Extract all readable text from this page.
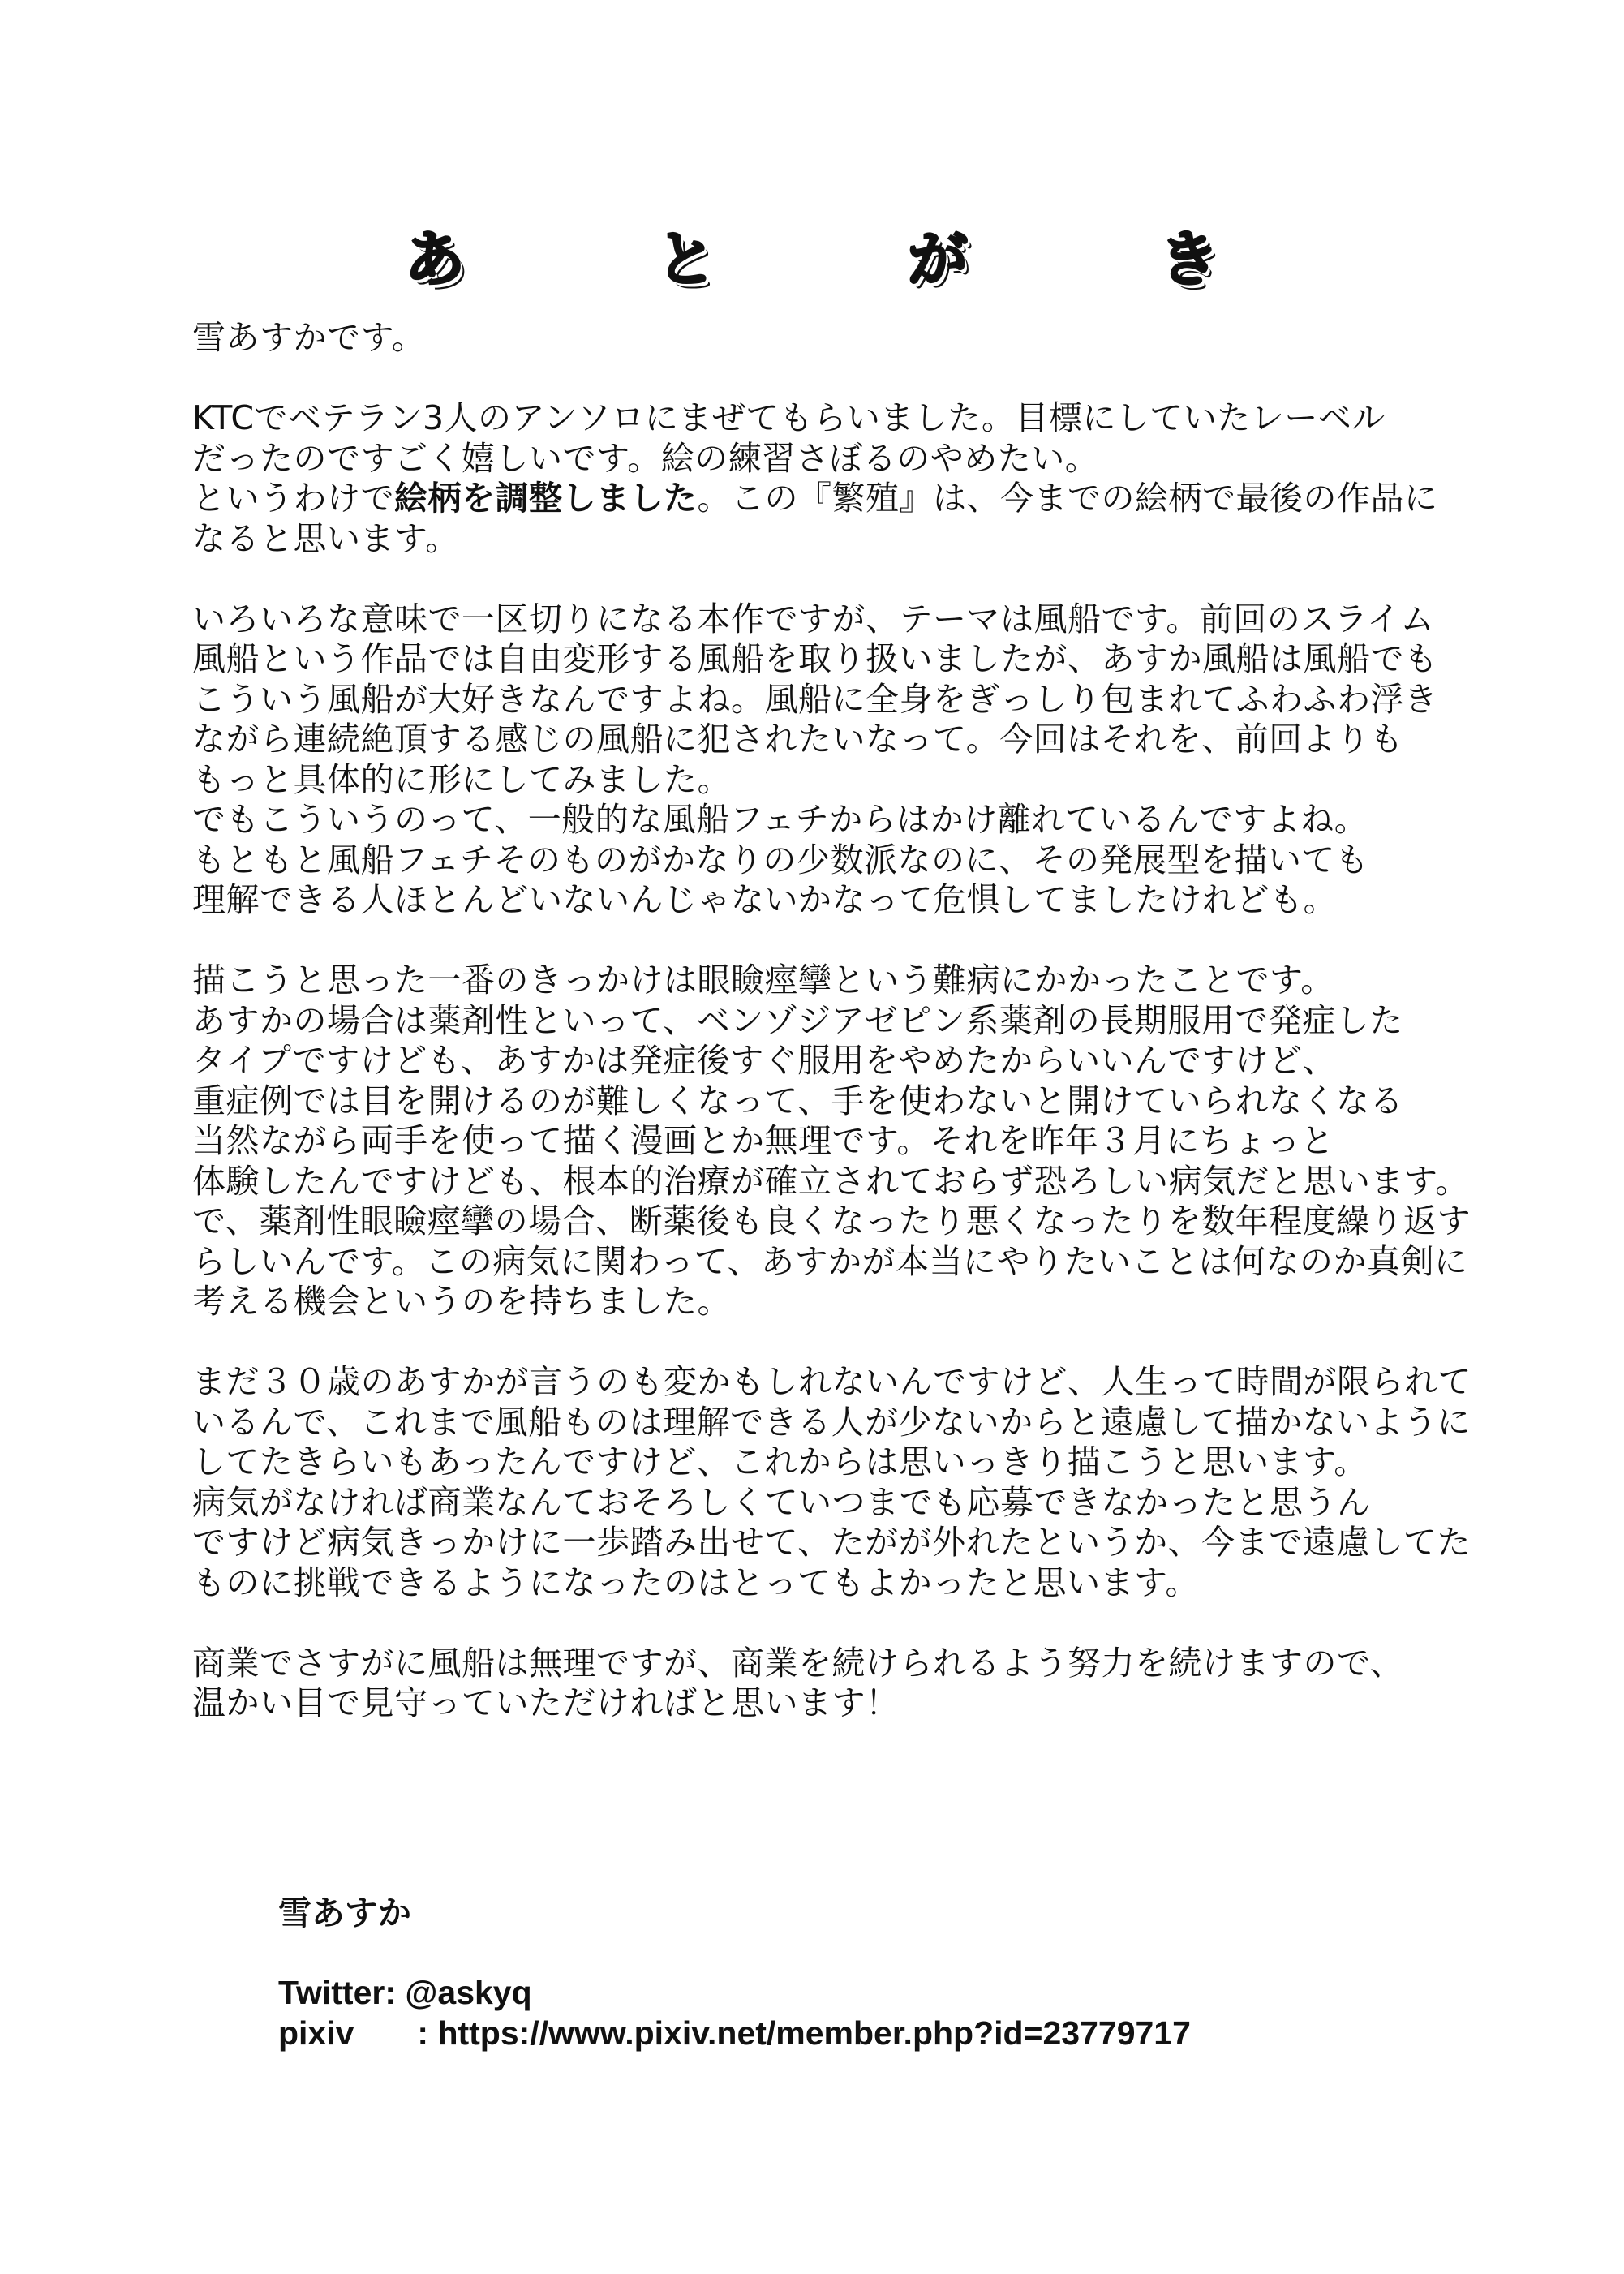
あ	と	が	き
雪あすかです。
KTCでベテラン3人のアンソロにまぜてもらいました。目標にしていたレーベル
だったのですごく嬉しいです。絵の練習さぼるのやめたい。
というわけで絵柄を調整しました。この『繁殖』は、今までの絵柄で最後の作品に
なると思います。
いろいろな意味で一区切りになる本作ですが、テーマは風船です。前回のスライム
風船という作品では自由変形する風船を取り扱いましたが、あすか風船は風船でも
こういう風船が大好きなんですよね。風船に全身をぎっしり包まれてふわふわ浮き
ながら連続絶頂する感じの風船に犯されたいなって。今回はそれを、前回よりも
もっと具体的に形にしてみました。
でもこういうのって、一般的な風船フェチからはかけ離れているんですよね。
もともと風船フェチそのものがかなりの少数派なのに、その発展型を描いても
理解できる人ほとんどいないんじゃないかなって危惧してましたけれども。
描こうと思った一番のきっかけは眼瞼痙攣という難病にかかったことです。
あすかの場合は薬剤性といって、ベンゾジアゼピン系薬剤の長期服用で発症した
タイプですけども、あすかは発症後すぐ服用をやめたからいいんですけど、
重症例では目を開けるのが難しくなって、手を使わないと開けていられなくなる
当然ながら両手を使って描く漫画とか無理です。それを昨年３月にちょっと
体験したんですけども、根本的治療が確立されておらず恐ろしい病気だと思います。
で、薬剤性眼瞼痙攣の場合、断薬後も良くなったり悪くなったりを数年程度繰り返す
らしいんです。この病気に関わって、あすかが本当にやりたいことは何なのか真剣に
考える機会というのを持ちました。
まだ３０歳のあすかが言うのも変かもしれないんですけど、人生って時間が限られて
いるんで、これまで風船ものは理解できる人が少ないからと遠慮して描かないように
してたきらいもあったんですけど、これからは思いっきり描こうと思います。
病気がなければ商業なんておそろしくていつまでも応募できなかったと思うん
ですけど病気きっかけに一歩踏み出せて、たがが外れたというか、今まで遠慮してた
ものに挑戦できるようになったのはとってもよかったと思います。
商業でさすがに風船は無理ですが、商業を続けられるよう努力を続けますので、
温かい目で見守っていただければと思います！
雪あすか
Twitter: @askyq
pixiv : https://www.pixiv.net/member.php?id=23779717
